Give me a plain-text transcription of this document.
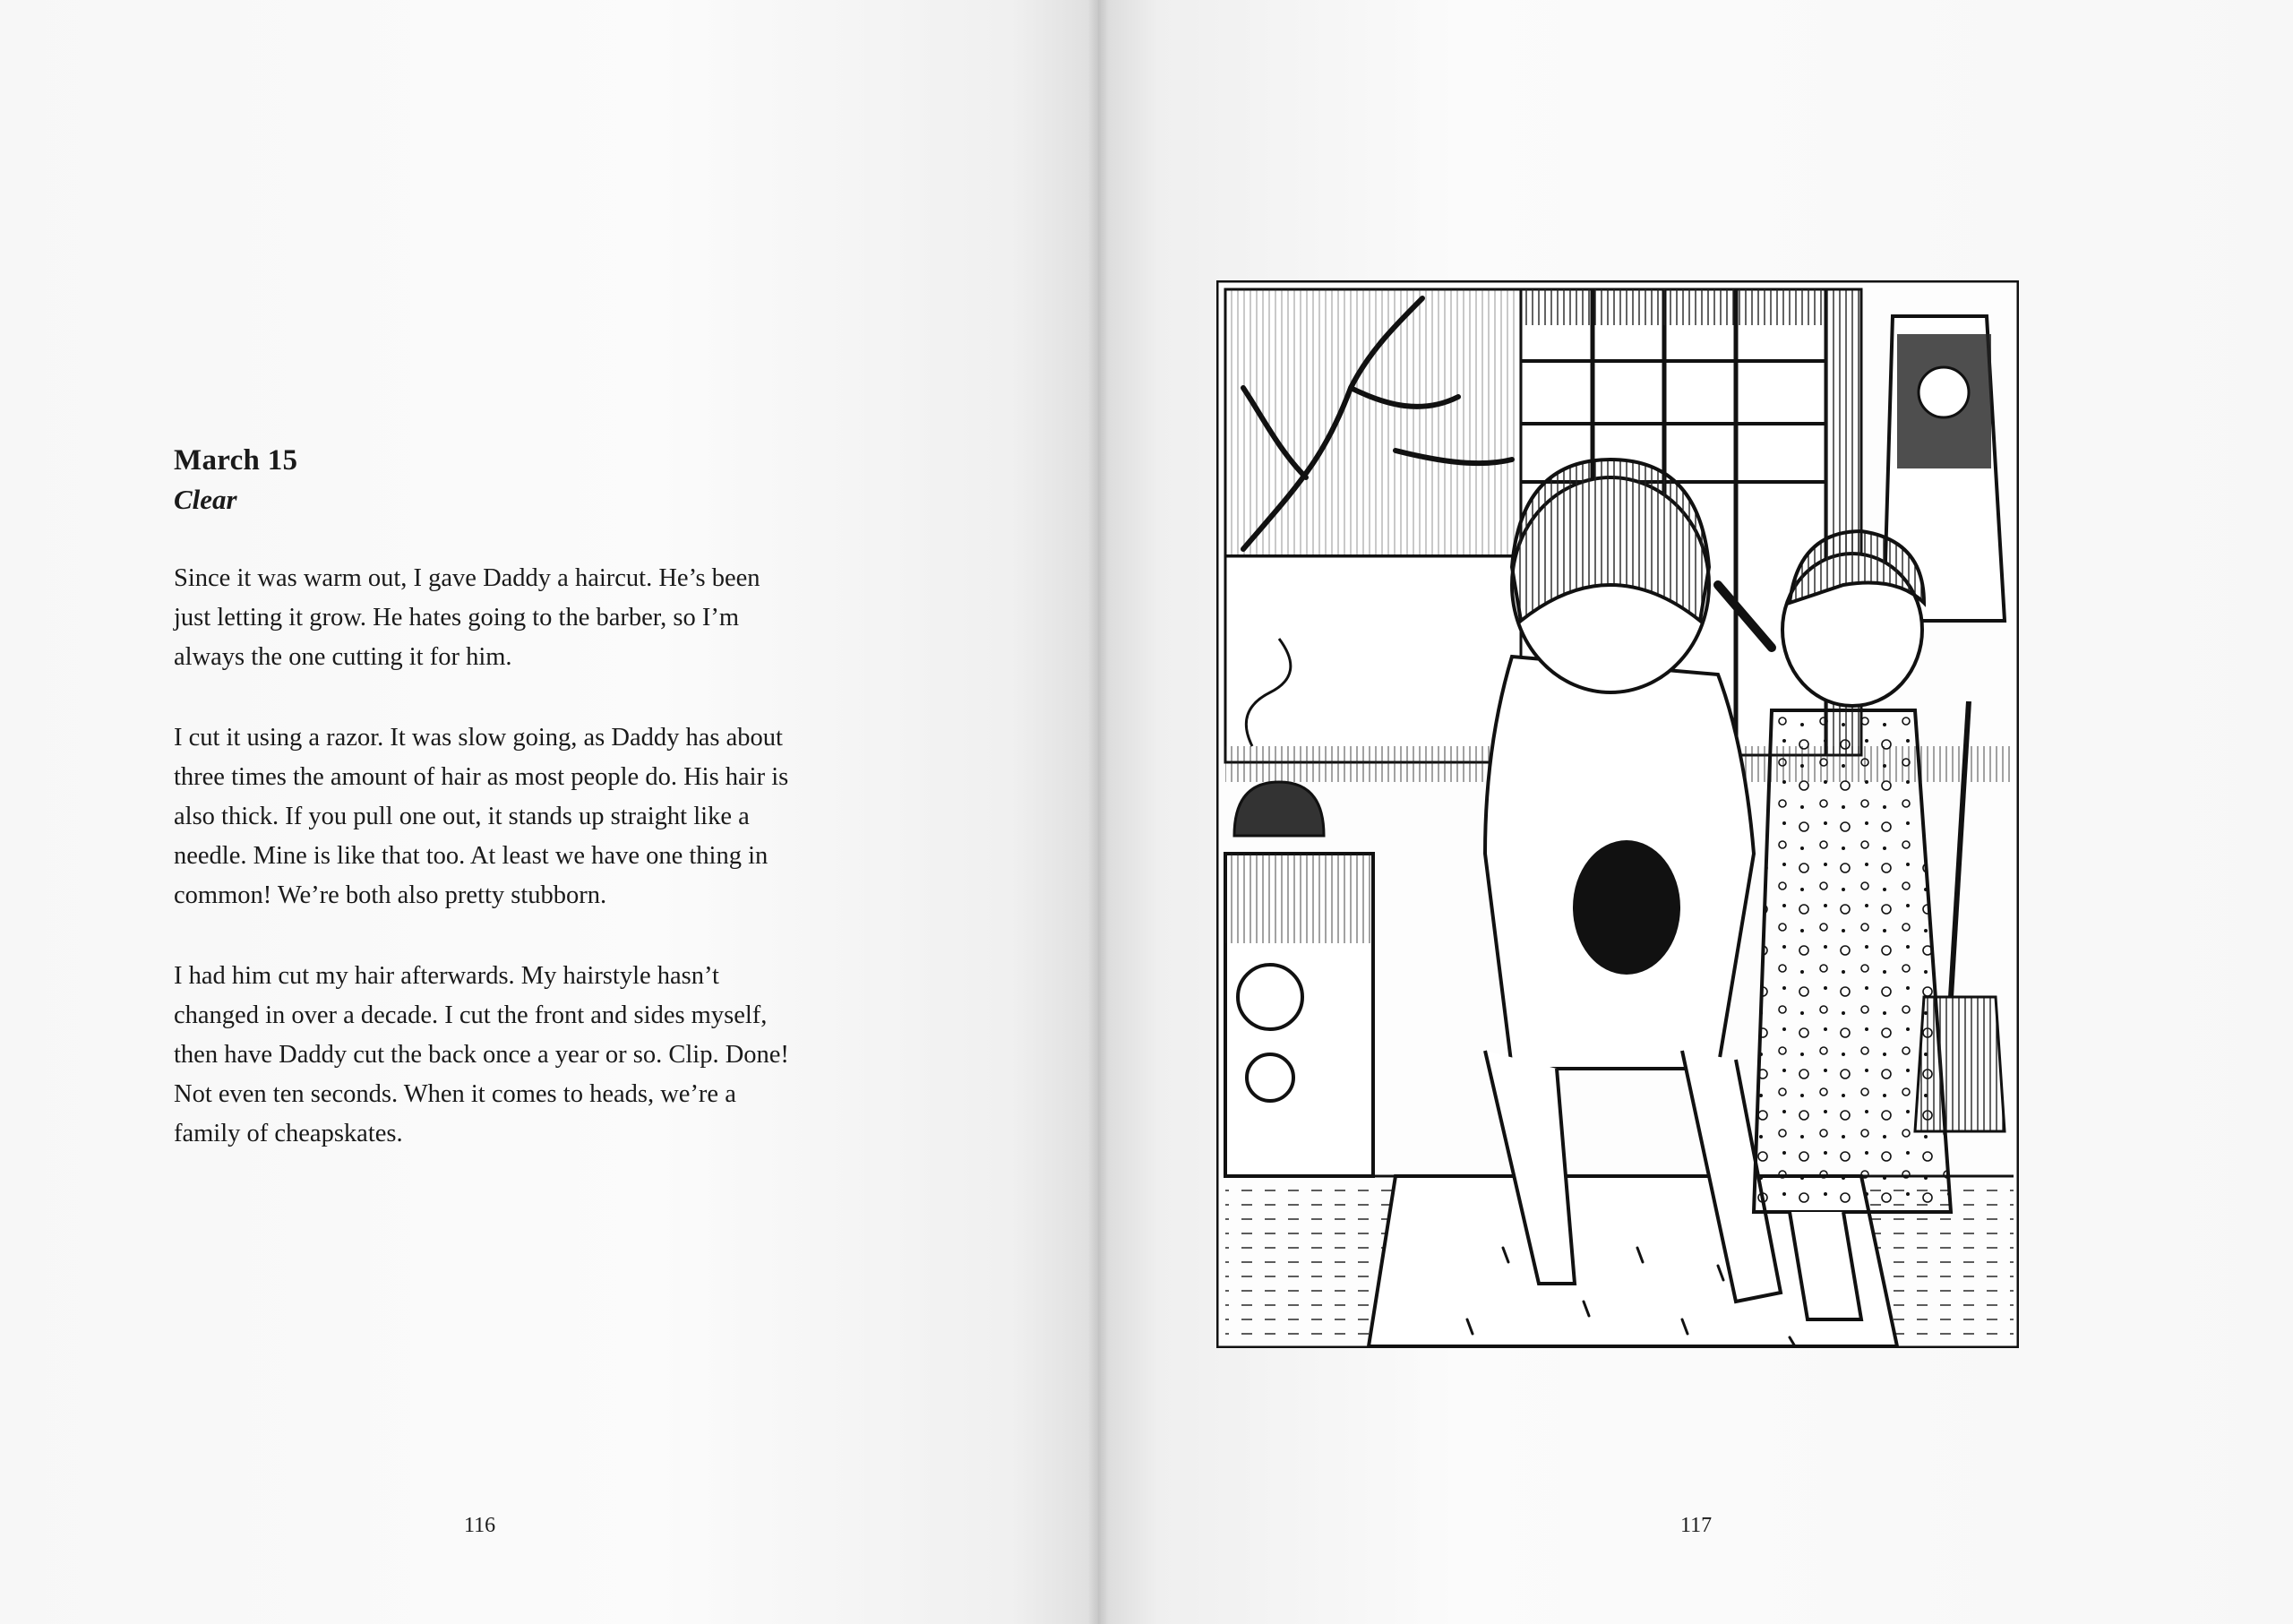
March 15
Clear

Since it was warm out, I gave Daddy a haircut. He’s been just letting it grow. He hates going to the barber, so I’m always the one cutting it for him.

I cut it using a razor. It was slow going, as Daddy has about three times the amount of hair as most people do. His hair is also thick. If you pull one out, it stands up straight like a needle. Mine is like that too. At least we have one thing in common! We’re both also pretty stubborn.

I had him cut my hair afterwards. My hairstyle hasn’t changed in over a decade. I cut the front and sides myself, then have Daddy cut the back once a year or so. Clip. Done! Not even ten seconds. When it comes to heads, we’re a family of cheapskates.

116	117
